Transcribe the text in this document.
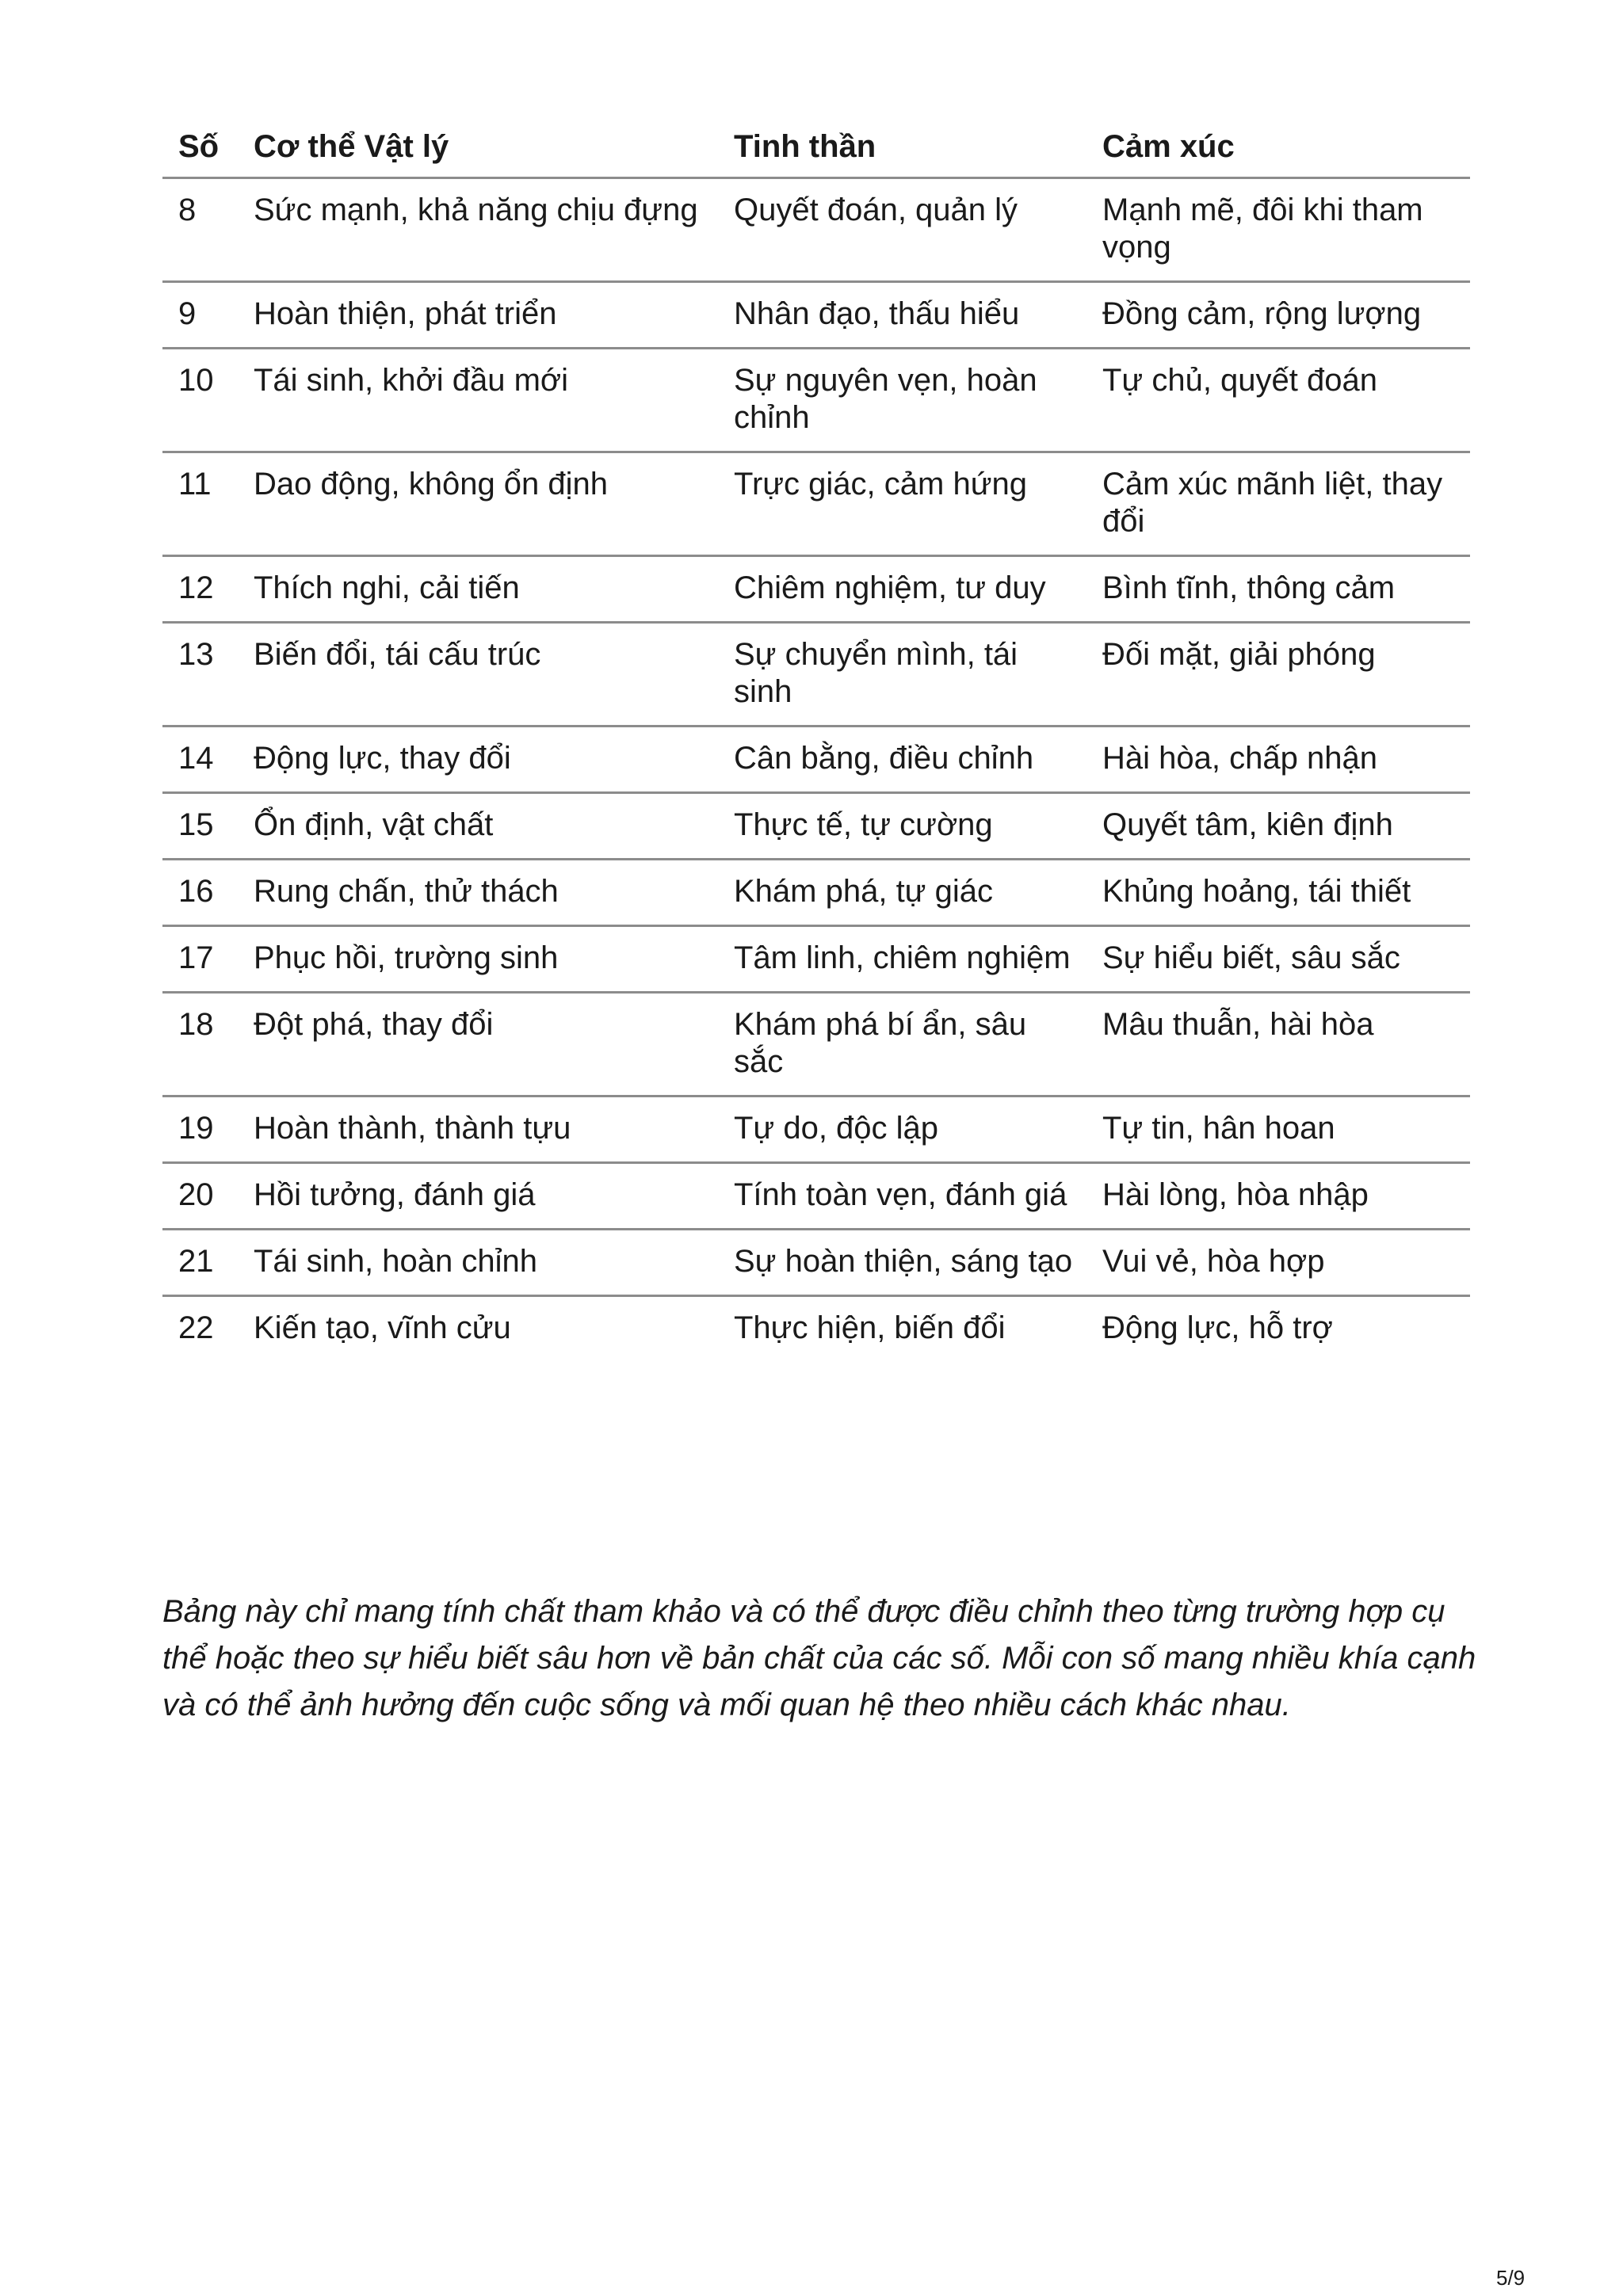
Số	Cơ thể Vật lý	Tinh thần	Cảm xúc
8	Sức mạnh, khả năng chịu đựng	Quyết đoán, quản lý	Mạnh mẽ, đôi khi tham vọng
9	Hoàn thiện, phát triển	Nhân đạo, thấu hiểu	Đồng cảm, rộng lượng
10	Tái sinh, khởi đầu mới	Sự nguyên vẹn, hoàn chỉnh	Tự chủ, quyết đoán
11	Dao động, không ổn định	Trực giác, cảm hứng	Cảm xúc mãnh liệt, thay đổi
12	Thích nghi, cải tiến	Chiêm nghiệm, tư duy	Bình tĩnh, thông cảm
13	Biến đổi, tái cấu trúc	Sự chuyển mình, tái sinh	Đối mặt, giải phóng
14	Động lực, thay đổi	Cân bằng, điều chỉnh	Hài hòa, chấp nhận
15	Ổn định, vật chất	Thực tế, tự cường	Quyết tâm, kiên định
16	Rung chấn, thử thách	Khám phá, tự giác	Khủng hoảng, tái thiết
17	Phục hồi, trường sinh	Tâm linh, chiêm nghiệm	Sự hiểu biết, sâu sắc
18	Đột phá, thay đổi	Khám phá bí ẩn, sâu sắc	Mâu thuẫn, hài hòa
19	Hoàn thành, thành tựu	Tự do, độc lập	Tự tin, hân hoan
20	Hồi tưởng, đánh giá	Tính toàn vẹn, đánh giá	Hài lòng, hòa nhập
21	Tái sinh, hoàn chỉnh	Sự hoàn thiện, sáng tạo	Vui vẻ, hòa hợp
22	Kiến tạo, vĩnh cửu	Thực hiện, biến đổi	Động lực, hỗ trợ

Bảng này chỉ mang tính chất tham khảo và có thể được điều chỉnh theo từng trường hợp cụ thể hoặc theo sự hiểu biết sâu hơn về bản chất của các số. Mỗi con số mang nhiều khía cạnh và có thể ảnh hưởng đến cuộc sống và mối quan hệ theo nhiều cách khác nhau.

5/9
